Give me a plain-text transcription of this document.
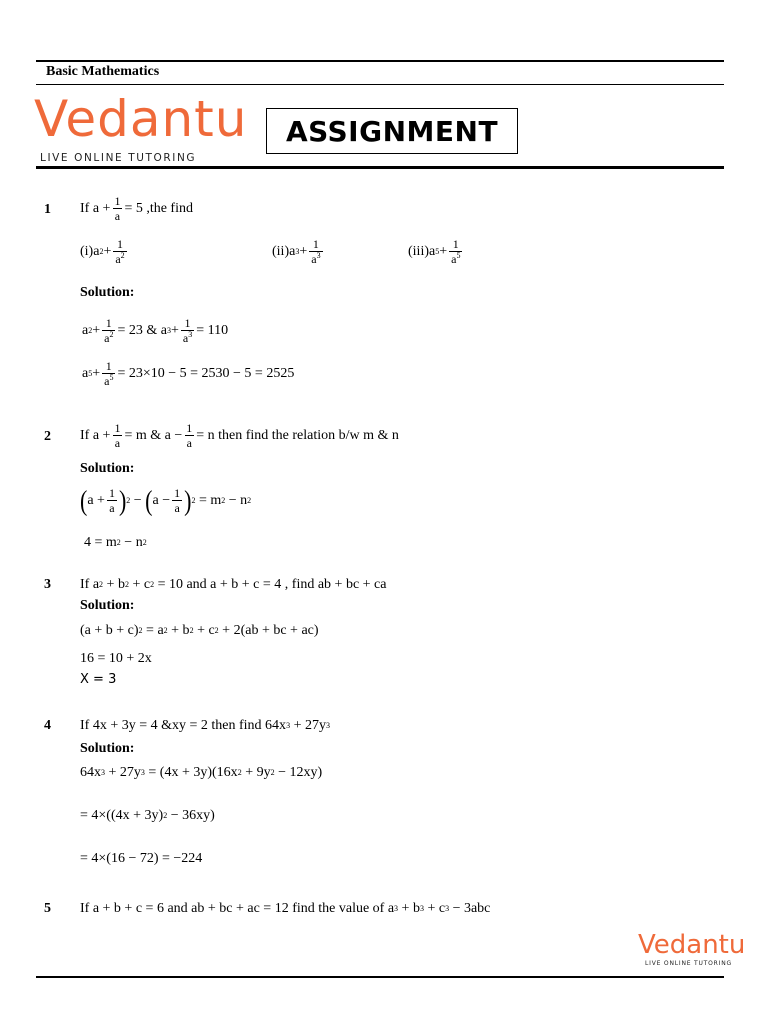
Basic Mathematics
Vedantu
LIVE ONLINE TUTORING
ASSIGNMENT
1 If $a + \frac{1}{a} = 5$ ,the find
(i)a $2 + \frac{1}{a^2}$	(ii)a $3 + \frac{1}{a^3}$	(iii)a $5 + \frac{1}{a^5}$
Solution:
a $2 + \frac{1}{a^2} = 23$ & a $3 + \frac{1}{a^3} = 110$
a $5 + \frac{1}{a^5} = 23\times 10 - 5 = 2530 - 5 = 2525$
2 If $a + \frac{1}{a} = m$ & $a - \frac{1}{a} = n$ then find the relation b/w m & n
Solution:
( $a + \frac{1}{a}$ ) 2 − ( $a - \frac{1}{a}$ ) 2
= m 2
− n 2
4 = m 2
− n 2
3 If a 2
+ b 2
+ c 2
= 10 and a + b + c = 4 , find ab + bc + ca
Solution:
(a + b + c) 2
= a 2 + b 2 + c 2
+ 2(ab + bc + ac)
16 = 10 + 2x
X = 3
4 If 4x + 3y = 4 &xy = 2 then find 64x 3
+ 27y 3
Solution:
64x 3 + 27y 3
= (4x + 3y)(16x 2
+ 9y 2
− 12xy)
= 4×((4x + 3y) 2
− 36xy)
= 4×(16 − 72) = −224
5 If a + b + c = 6 and ab + bc + ac = 12 find the value of a 3
+ b 3
+ c 3
− 3abc
Vedantu
LIVE ONLINE TUTORING
